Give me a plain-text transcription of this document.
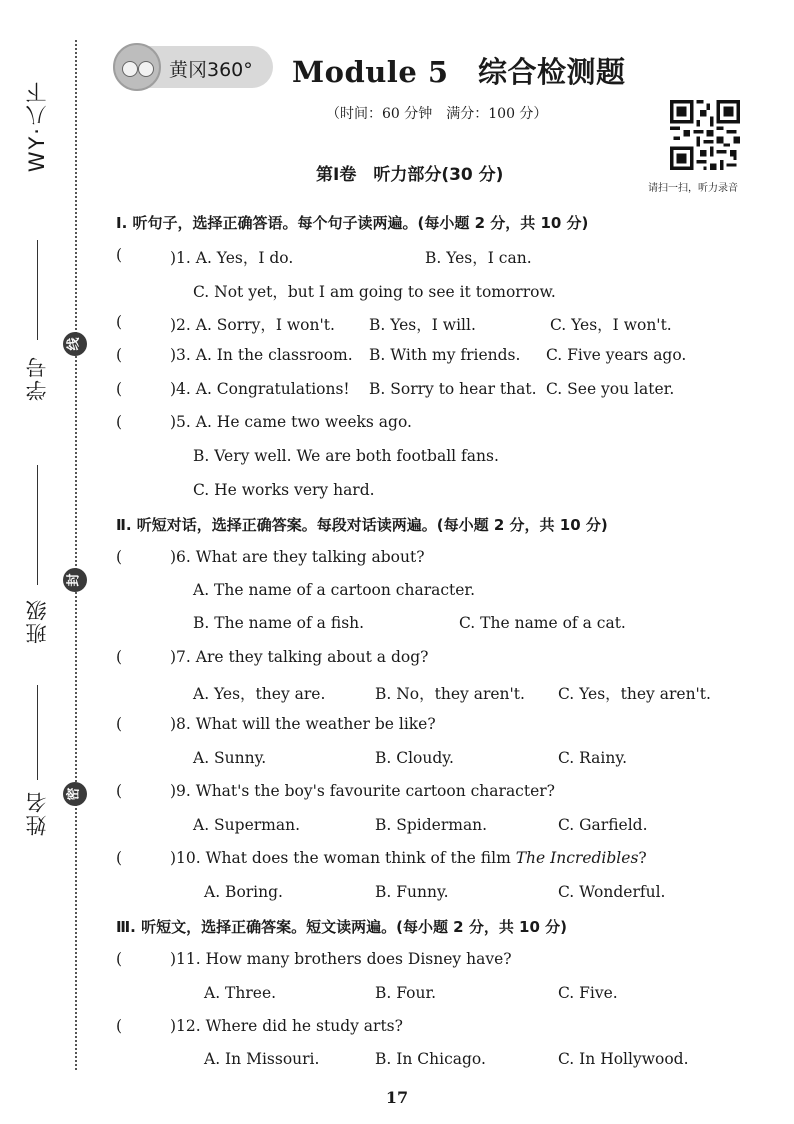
WY·八下
学号
班级
姓名
线
封
密
黄冈360° Module 5　综合检测题
（时间：60 分钟　满分：100 分）
请扫一扫，听力录音
第Ⅰ卷　听力部分(30 分)
Ⅰ. 听句子，选择正确答语。每个句子读两遍。(每小题 2 分，共 10 分)
(	)1. A. Yes，I do.	B. Yes，I can.
C. Not yet，but I am going to see it tomorrow.
(	)2. A. Sorry，I won't. B. Yes，I will.	C. Yes，I won't.
(	)3. A. In the classroom. B. With my friends. C. Five years ago.
(	)4. A. Congratulations! B. Sorry to hear that. C. See you later.
(	)5. A. He came two weeks ago.
B. Very well. We are both football fans.
C. He works very hard.
Ⅱ. 听短对话，选择正确答案。每段对话读两遍。(每小题 2 分，共 10 分)
(	)6. What are they talking about?
A. The name of a cartoon character.
B. The name of a fish.	C. The name of a cat.
(	)7. Are they talking about a dog?
A. Yes，they are.	B. No，they aren't. C. Yes，they aren't.
(	)8. What will the weather be like?
A. Sunny.	B. Cloudy.	C. Rainy.
(	)9. What's the boy's favourite cartoon character?
A. Superman.	B. Spiderman.	C. Garfield.
(	)10. What does the woman think of the film The Incredibles?
A. Boring.	B. Funny.	C. Wonderful.
Ⅲ. 听短文，选择正确答案。短文读两遍。(每小题 2 分，共 10 分)
(	)11. How many brothers does Disney have?
A. Three.	B. Four.	C. Five.
(	)12. Where did he study arts?
A. In Missouri.	B. In Chicago.	C. In Hollywood.
17
